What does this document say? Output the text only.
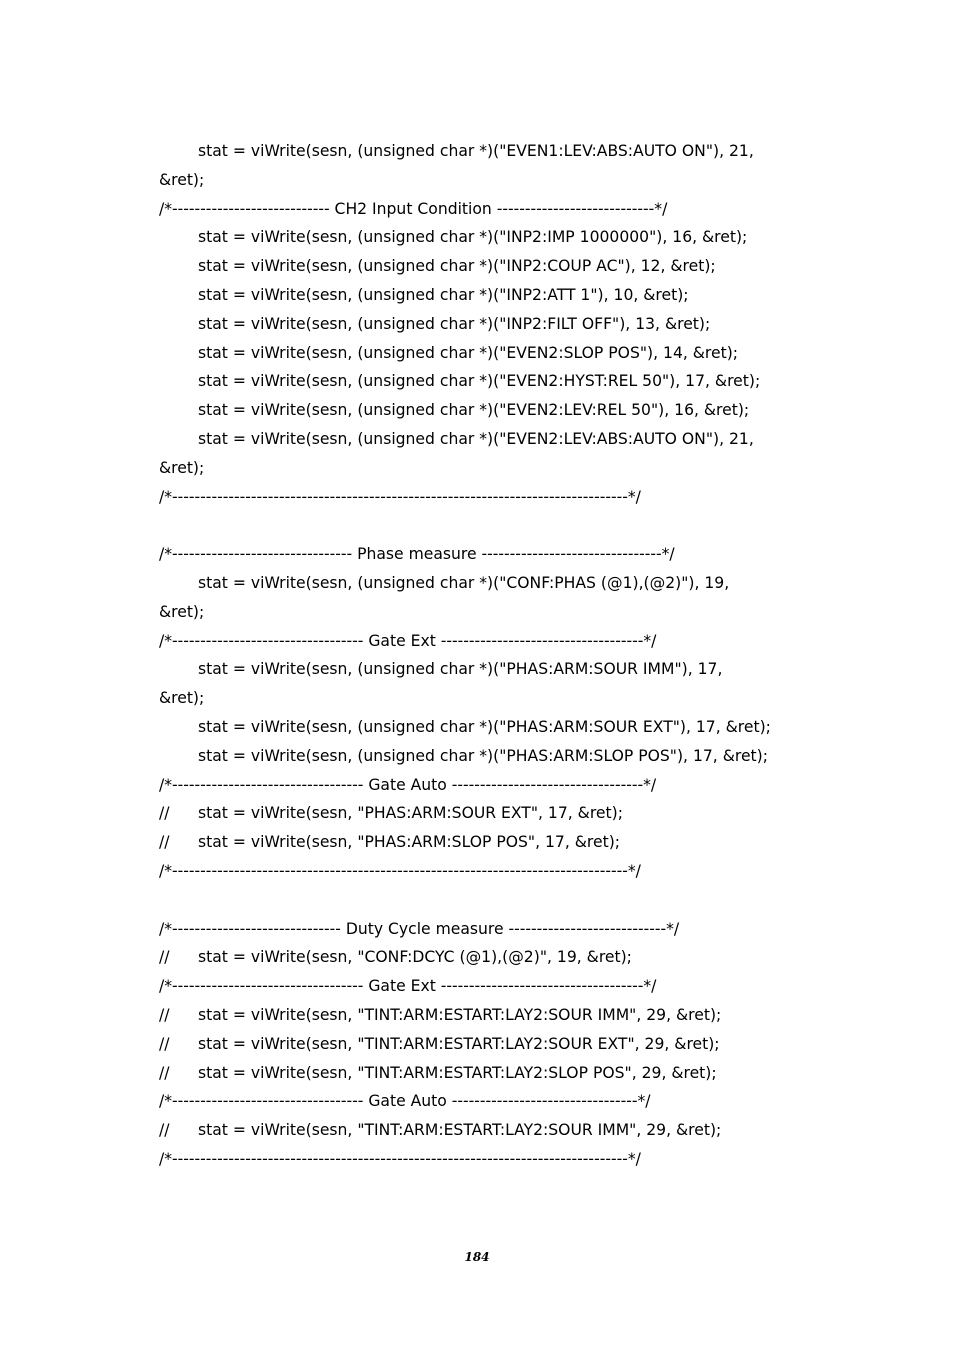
stat = viWrite(sesn, (unsigned char *)("EVEN1:LEV:ABS:AUTO ON"), 21,
&ret);
/*---------------------------- CH2 Input Condition ----------------------------*/
stat = viWrite(sesn, (unsigned char *)("INP2:IMP 1000000"), 16, &ret);
stat = viWrite(sesn, (unsigned char *)("INP2:COUP AC"), 12, &ret);
stat = viWrite(sesn, (unsigned char *)("INP2:ATT 1"), 10, &ret);
stat = viWrite(sesn, (unsigned char *)("INP2:FILT OFF"), 13, &ret);
stat = viWrite(sesn, (unsigned char *)("EVEN2:SLOP POS"), 14, &ret);
stat = viWrite(sesn, (unsigned char *)("EVEN2:HYST:REL 50"), 17, &ret);
stat = viWrite(sesn, (unsigned char *)("EVEN2:LEV:REL 50"), 16, &ret);
stat = viWrite(sesn, (unsigned char *)("EVEN2:LEV:ABS:AUTO ON"), 21,
&ret);
/*---------------------------------------------------------------------------------*/
/*-------------------------------- Phase measure --------------------------------*/
stat = viWrite(sesn, (unsigned char *)("CONF:PHAS (@1),(@2)"), 19,
&ret);
/*---------------------------------- Gate Ext ------------------------------------*/
stat = viWrite(sesn, (unsigned char *)("PHAS:ARM:SOUR IMM"), 17,
&ret);
stat = viWrite(sesn, (unsigned char *)("PHAS:ARM:SOUR EXT"), 17, &ret);
stat = viWrite(sesn, (unsigned char *)("PHAS:ARM:SLOP POS"), 17, &ret);
/*---------------------------------- Gate Auto ----------------------------------*/
//	stat = viWrite(sesn, "PHAS:ARM:SOUR EXT", 17, &ret);
//	stat = viWrite(sesn, "PHAS:ARM:SLOP POS", 17, &ret);
/*---------------------------------------------------------------------------------*/
/*------------------------------ Duty Cycle measure ----------------------------*/
//	stat = viWrite(sesn, "CONF:DCYC (@1),(@2)", 19, &ret);
/*---------------------------------- Gate Ext ------------------------------------*/
//	stat = viWrite(sesn, "TINT:ARM:ESTART:LAY2:SOUR IMM", 29, &ret);
//	stat = viWrite(sesn, "TINT:ARM:ESTART:LAY2:SOUR EXT", 29, &ret);
//	stat = viWrite(sesn, "TINT:ARM:ESTART:LAY2:SLOP POS", 29, &ret);
/*---------------------------------- Gate Auto ---------------------------------*/
//	stat = viWrite(sesn, "TINT:ARM:ESTART:LAY2:SOUR IMM", 29, &ret);
/*---------------------------------------------------------------------------------*/
184
